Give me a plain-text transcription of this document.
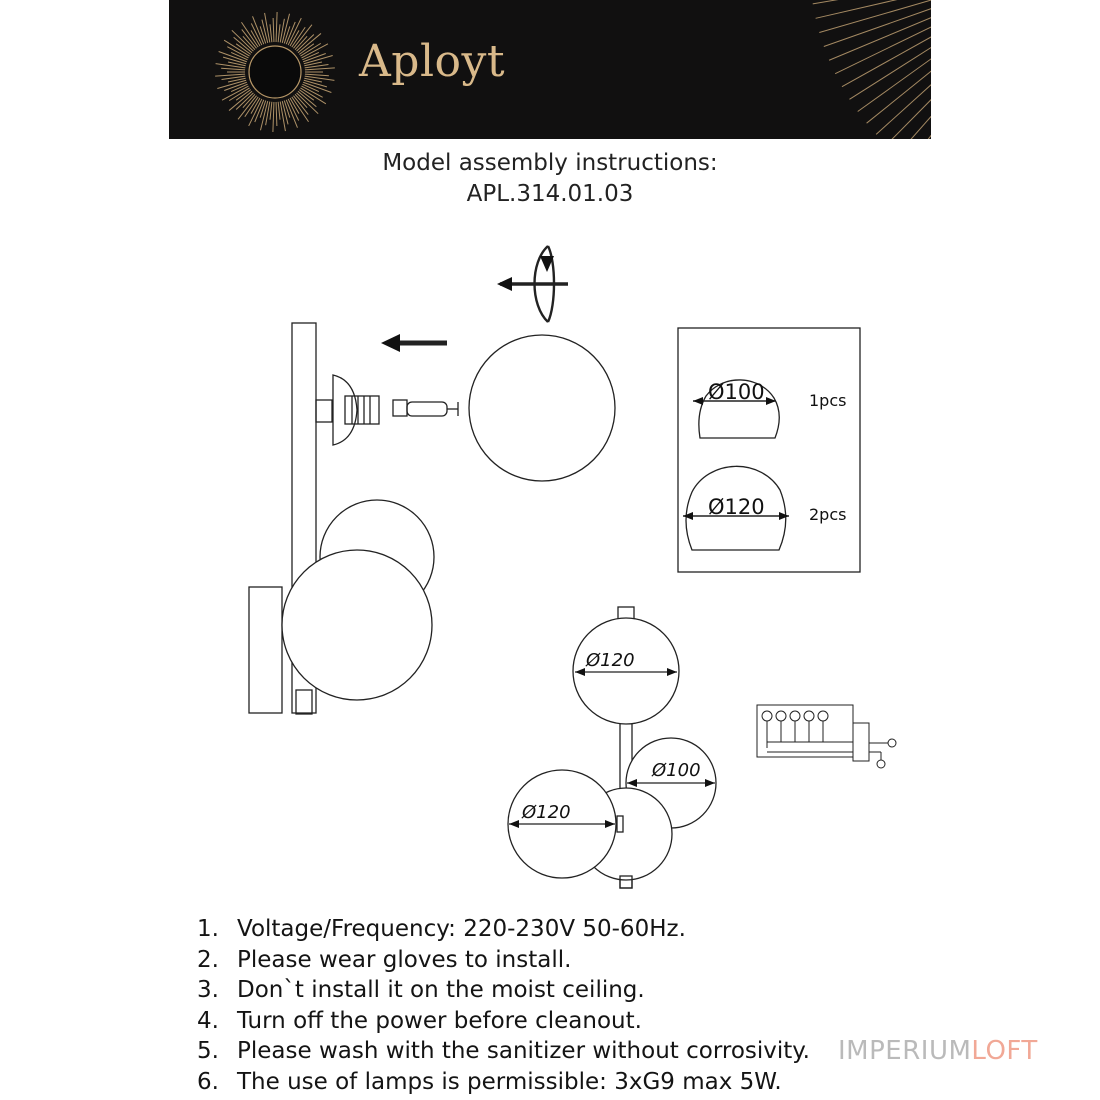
Aployt
Model assembly instructions:
APL.314.01.03
Ø100	1pcs
Ø120	2pcs
Ø120
Ø100
Ø120
1. Voltage/Frequency: 220-230V 50-60Hz.
2. Please wear gloves to install.
3. Don`t install it on the moist ceiling.
4. Turn off the power before cleanout.
5. Please wash with the sanitizer without corrosivity.
6. The use of lamps is permissible: 3xG9 max 5W.
IMPERIUMLOFT
